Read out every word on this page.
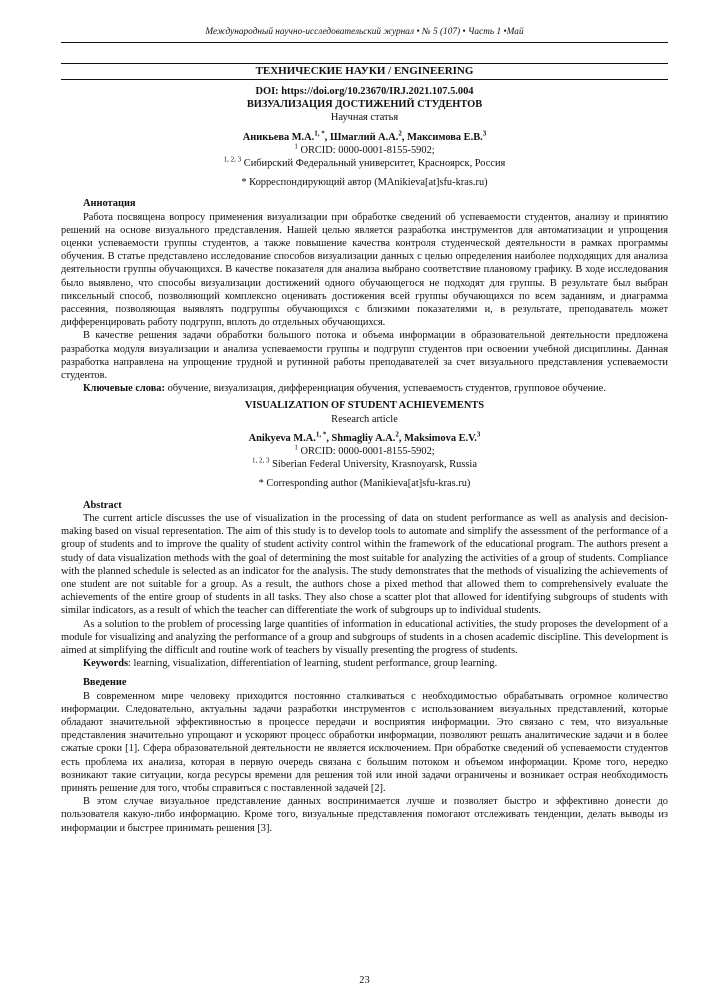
Международный научно-исследовательский журнал • № 5 (107) • Часть 1 •Май
ТЕХНИЧЕСКИЕ НАУКИ / ENGINEERING

DOI: https://doi.org/10.23670/IRJ.2021.107.5.004

ВИЗУАЛИЗАЦИЯ ДОСТИЖЕНИЙ СТУДЕНТОВ

Научная статья

Аникьева М.А.$^{1, *}$, Шмаглий А.А.$^2$, Максимова Е.В.$^3$

$^1$ ORCID: 0000-0001-8155-5902;

$^{1, 2, 3}$ Сибирский Федеральный университет, Красноярск, Россия

* Корреспондирующий автор (MAnikieva[at]sfu-kras.ru)

Аннотация

Работа посвящена вопросу применения визуализации при обработке сведений об успеваемости студентов, анализу и принятию решений на основе визуального представления. Нашей целью является разработка инструментов для автоматизации и упрощения оценки успеваемости группы студентов, а также повышение качества контроля студенческой деятельности в рамках программы обучения. В статье представлено исследование способов визуализации данных с целью определения наиболее подходящих для анализа деятельности группы обучающихся. В качестве показателя для анализа выбрано соответствие плановому графику. В ходе исследования было выявлено, что способы визуализации достижений одного обучающегося не подходят для группы. В результате был выбран пиксельный способ, позволяющий комплексно оценивать достижения всей группы обучающихся по всем заданиям, и диаграмма рассеяния, позволяющая выявлять подгруппы обучающихся с близкими показателями и, в результате, преподаватель может дифференцировать работу подгрупп, вплоть до отдельных обучающихся.

В качестве решения задачи обработки большого потока и объема информации в образовательной деятельности предложена разработка модуля визуализации и анализа успеваемости группы и подгрупп студентов при освоении учебной дисциплины. Данная разработка направлена на упрощение трудной и рутинной работы преподавателей за счет визуального представления успеваемости студентов.

Ключевые слова: обучение, визуализация, дифференциация обучения, успеваемость студентов, групповое обучение.

VISUALIZATION OF STUDENT ACHIEVEMENTS

Research article

Anikyeva M.A.$^{1, *}$, Shmagliy A.A.$^2$, Maksimova E.V.$^3$

$^1$ ORCID: 0000-0001-8155-5902;

$^{1, 2, 3}$ Siberian Federal University, Krasnoyarsk, Russia

* Corresponding author (Manikieva[at]sfu-kras.ru)

Abstract

The current article discusses the use of visualization in the processing of data on student performance as well as analysis and decision-making based on visual representation. The aim of this study is to develop tools to automate and simplify the assessment of the performance of a group of students and to improve the quality of student activity control within the framework of the educational program. The authors present a study of data visualization methods with the goal of determining the most suitable for analyzing the activities of a group of students. Compliance with the planned schedule is selected as an indicator for the analysis. The study demonstrates that the methods of visualizing the achievements of one student are not suitable for a group. As a result, the authors chose a pixed method that allowed them to comprehensively evaluate the achievements of the entire group of students in all tasks. They also chose a scatter plot that allowed for identifying subgroups of students with similar indicators, as a result of which the teacher can differentiate the work of subgroups up to individual students.

As a solution to the problem of processing large quantities of information in educational activities, the study proposes the development of a module for visualizing and analyzing the performance of a group and subgroups of students in a chosen academic discipline. This development is aimed at simplifying the difficult and routine work of teachers by visually presenting the progress of students.

Keywords: learning, visualization, differentiation of learning, student performance, group learning.

Введение

В современном мире человеку приходится постоянно сталкиваться с необходимостью обрабатывать огромное количество информации. Следовательно, актуальны задачи разработки инструментов с использованием визуальных представлений, которые обладают значительной эффективностью в процессе передачи и восприятия информации. Это связано с тем, что визуальные представления значительно упрощают и ускоряют процесс обработки информации, позволяют решать аналитические задачи и в более сжатые сроки [1]. Сфера образовательной деятельности не является исключением. При обработке сведений об успеваемости студентов есть проблема их анализа, которая в первую очередь связана с большим потоком и объемом информации. Кроме того, нередко возникают такие ситуации, когда ресурсы времени для решения той или иной задачи ограничены и возникает острая необходимость принять решение для того, чтобы справиться с поставленной задачей [2].

В этом случае визуальное представление данных воспринимается лучше и позволяет быстро и эффективно донести до пользователя какую-либо информацию. Кроме того, визуальные представления помогают отслеживать тенденции, делать выводы из информации и быстрее принимать решения [3].

23
